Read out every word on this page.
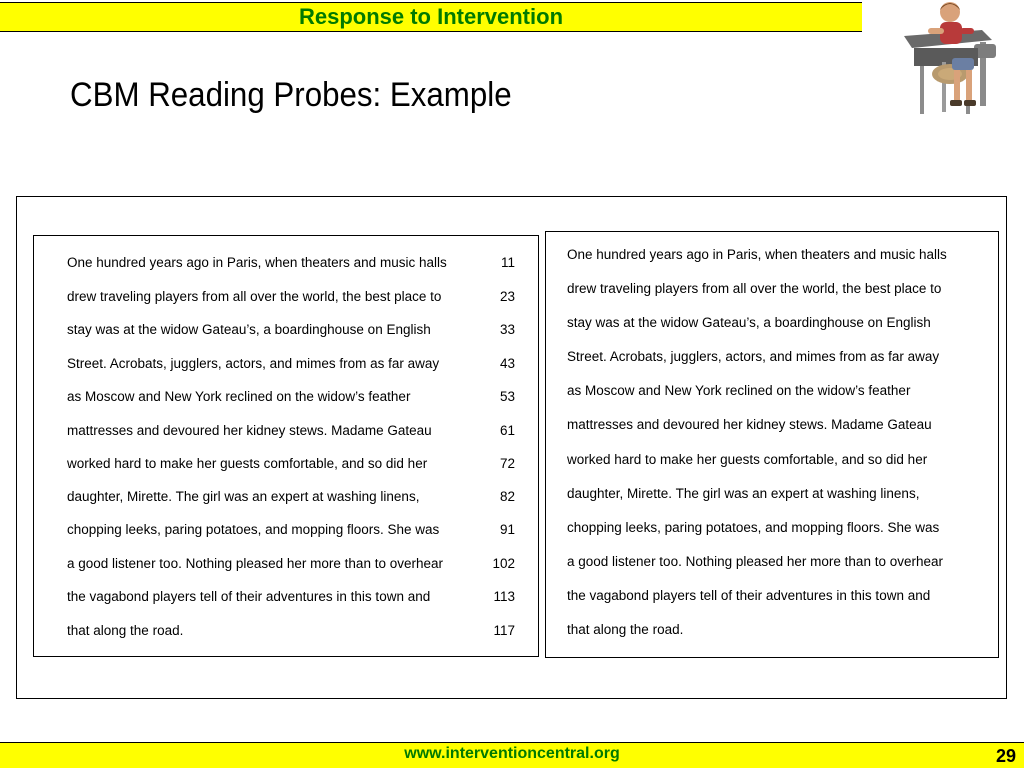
Response to Intervention
CBM Reading Probes: Example
One hundred years ago in Paris, when theaters and music halls	11
drew traveling players from all over the world, the best place to	23
stay was at the widow Gateau’s, a boardinghouse on English	33
Street. Acrobats, jugglers, actors, and mimes from as far away	43
as Moscow and New York reclined on the widow’s feather	53
mattresses and devoured her kidney stews. Madame Gateau	61
worked hard to make her guests comfortable, and so did her	72
daughter, Mirette. The girl was an expert at washing linens,	82
chopping leeks, paring potatoes, and mopping floors. She was	91
a good listener too. Nothing pleased her more than to overhear	102
the vagabond players tell of their adventures in this town and	113
that along the road.	117
One hundred years ago in Paris, when theaters and music halls
drew traveling players from all over the world, the best place to
stay was at the widow Gateau’s, a boardinghouse on English
Street. Acrobats, jugglers, actors, and mimes from as far away
as Moscow and New York reclined on the widow’s feather
mattresses and devoured her kidney stews. Madame Gateau
worked hard to make her guests comfortable, and so did her
daughter, Mirette. The girl was an expert at washing linens,
chopping leeks, paring potatoes, and mopping floors. She was
a good listener too. Nothing pleased her more than to overhear
the vagabond players tell of their adventures in this town and
that along the road.
www.interventioncentral.org	29
